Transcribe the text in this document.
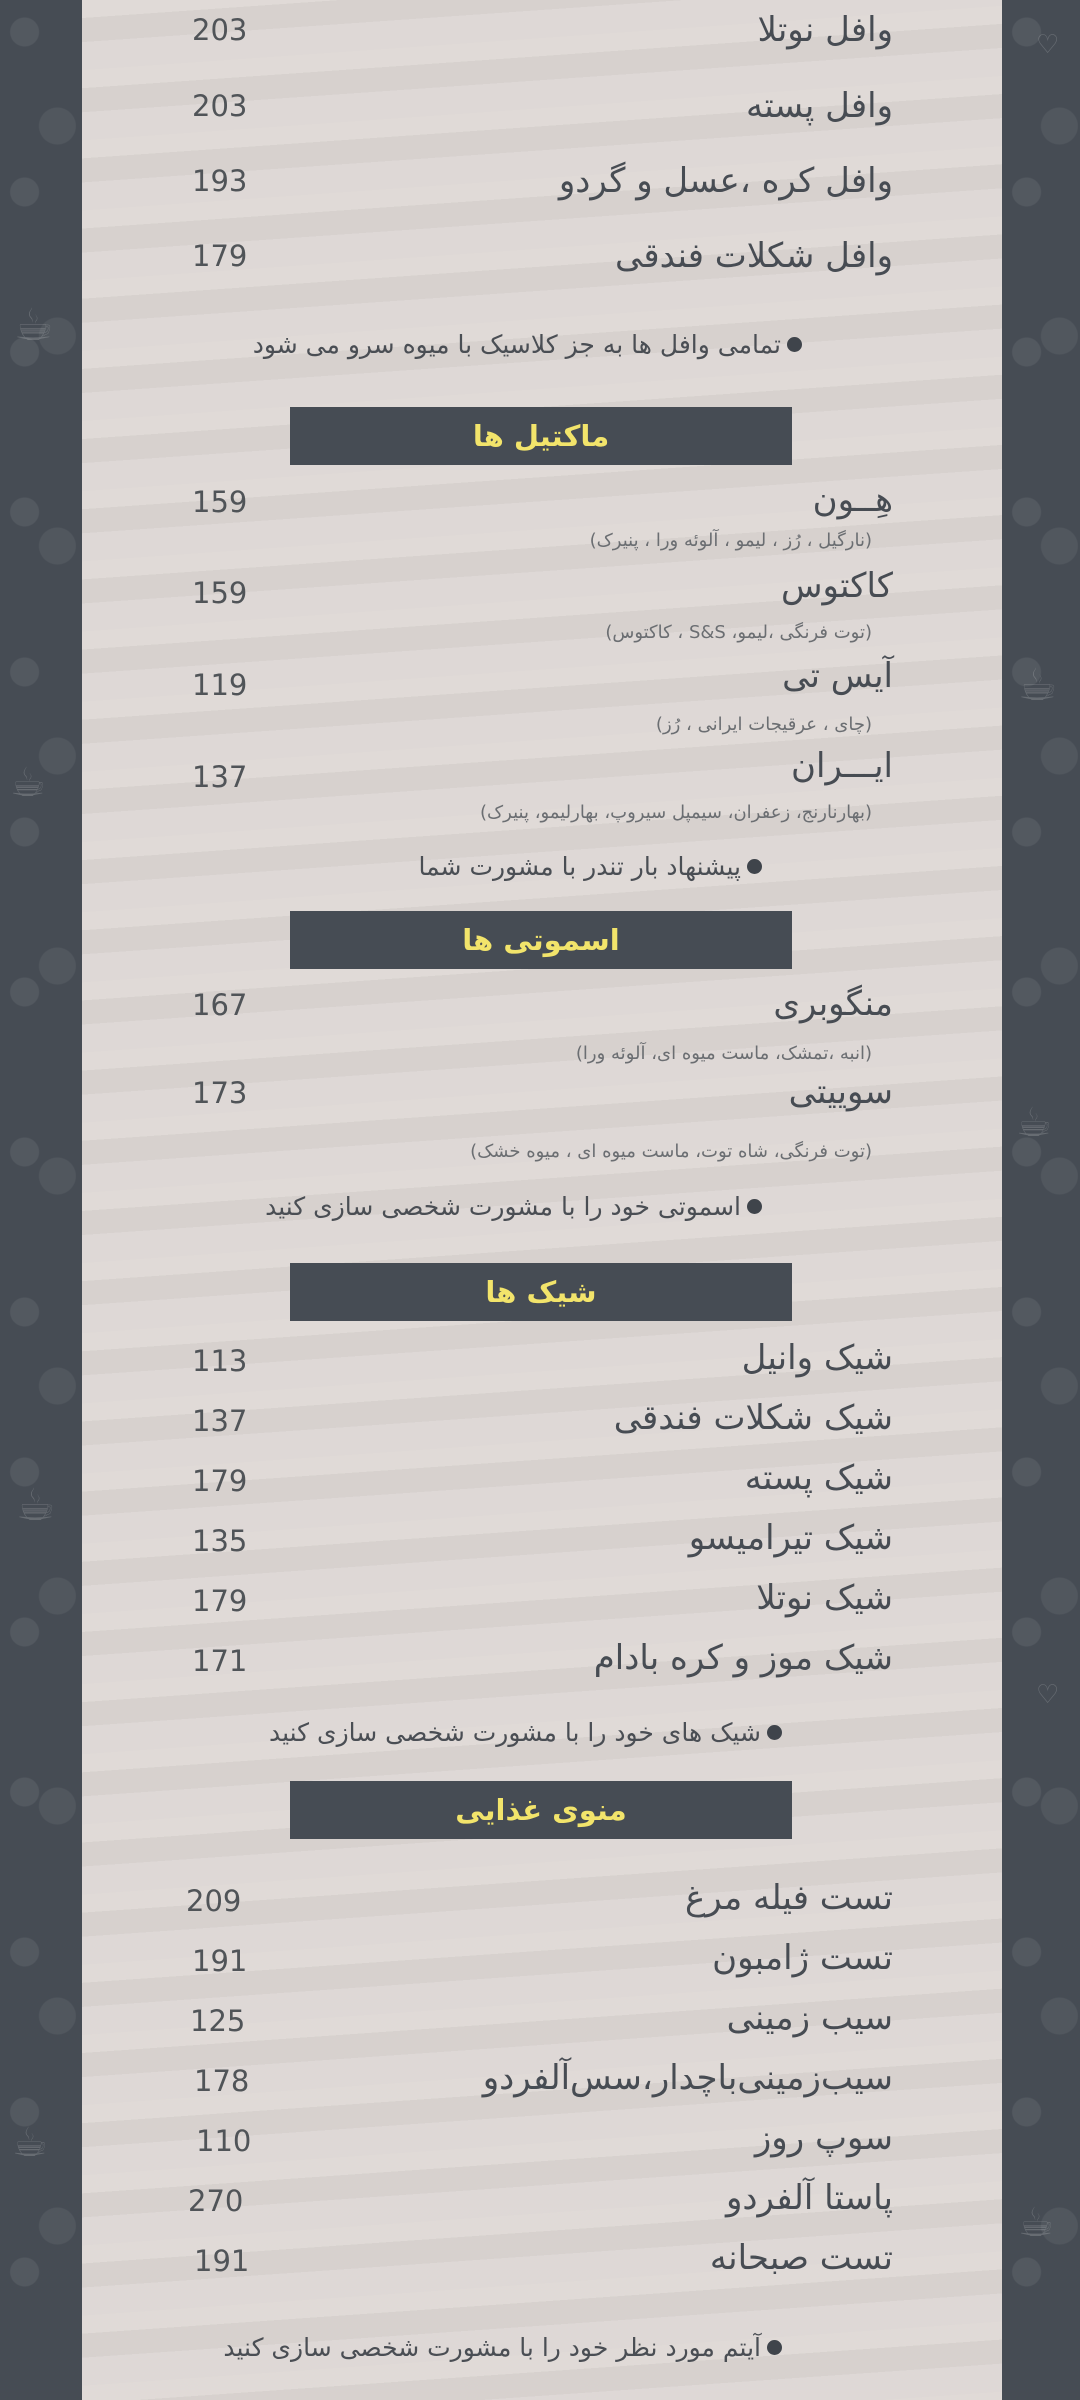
☕
☕
☕
☕
♡
☕
☕
♡
☕
وافل نوتلا
203
وافل پسته
203
وافل کره ،عسل و گردو
193
وافل شکلات فندقی
179
تمامی وافل ها به جز کلاسیک با میوه سرو می شود
ماکتیل ها
هِــون
(نارگیل ، رُز ، لیمو ، آلوئه ورا ، پنیرک)
159
کاکتوس
(توت فرنگی ،لیمو، S&S ، کاکتوس)
159
آیس تی
(چای ، عرقیجات ایرانی ، رُز)
119
ایـــران
(بهارنارنج، زعفران، سیمپل سیروپ، بهارلیمو، پنیرک)
137
پیشنهاد بار تندر با مشورت شما
اسموتی ها
منگوبری
(انبه ،تمشک، ماست میوه ای، آلوئه ورا)
167
سوییتی
(توت فرنگی، شاه توت، ماست میوه ای ، میوه خشک)
173
اسموتی خود را با مشورت شخصی سازی کنید
شیک ها
شیک وانیل
113
شیک شکلات فندقی
137
شیک پسته
179
شیک تیرامیسو
135
شیک نوتلا
179
شیک موز و کره بادام
171
شیک های خود را با مشورت شخصی سازی کنید
منوی غذایی
تست فیله مرغ
209
تست ژامبون
191
سیب زمینی
125
سیب‌زمینی‌باچدار،سس‌آلفردو
178
سوپ روز
110
پاستا آلفردو
270
تست صبحانه
191
آیتم مورد نظر خود را با مشورت شخصی سازی کنید
